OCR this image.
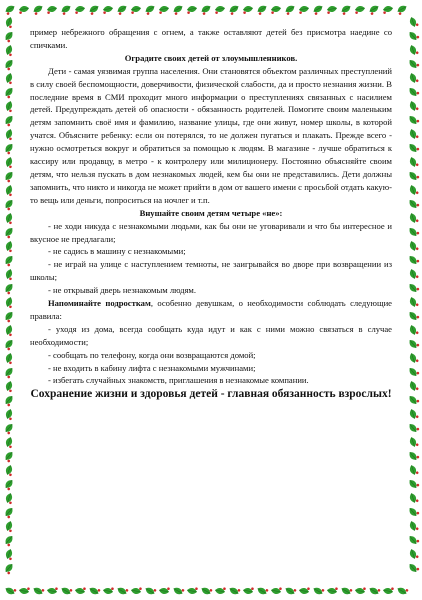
пример небрежного обращения с огнем, а также оставляют детей без присмотра наедине со спичками.

Оградите своих детей от злоумышленников.

Дети - самая уязвимая группа населения. Они становятся объектом различных преступлений в силу своей беспомощности, доверчивости, физической слабости, да и просто незнания жизни. В последние время в СМИ проходит много информации о преступлениях связанных с насилием детей. Предупреждать детей об опасности - обязанность родителей. Помогите своим маленьким детям запомнить своё имя и фамилию, название улицы, где они живут, номер школы, в которой учатся. Объясните ребенку: если он потерялся, то не должен пугаться и плакать. Прежде всего - нужно осмотреться вокруг и обратиться за помощью к людям. В магазине - лучше обратиться к кассиру или продавцу, в метро - к контролеру или милиционеру. Постоянно объясняйте своим детям, что нельзя пускать в дом незнакомых людей, кем бы они не представились. Дети должны запомнить, что никто и никогда не может прийти в дом от вашего имени с просьбой отдать какую-то вещь или деньги, попроситься на ночлег и т.п.

Внушайте своим детям четыре «не»:

- не ходи никуда с незнакомыми людьми, как бы они не уговаривали и что бы интересное и вкусное не предлагали;

- не садись в машину с незнакомыми;

- не играй на улице с наступлением темноты, не заигрывайся во дворе при возвращении из школы;

- не открывай дверь незнакомым людям.

Напоминайте подросткам, особенно девушкам, о необходимости соблюдать следующие правила:

- уходя из дома, всегда сообщать куда идут и как с ними можно связаться в случае необходимости;

- сообщать по телефону, когда они возвращаются домой;

- не входить в кабину лифта с незнакомыми мужчинами;

- избегать случайных знакомств, приглашения в незнакомые компании.

Сохранение жизни и здоровья детей - главная обязанность взрослых!
